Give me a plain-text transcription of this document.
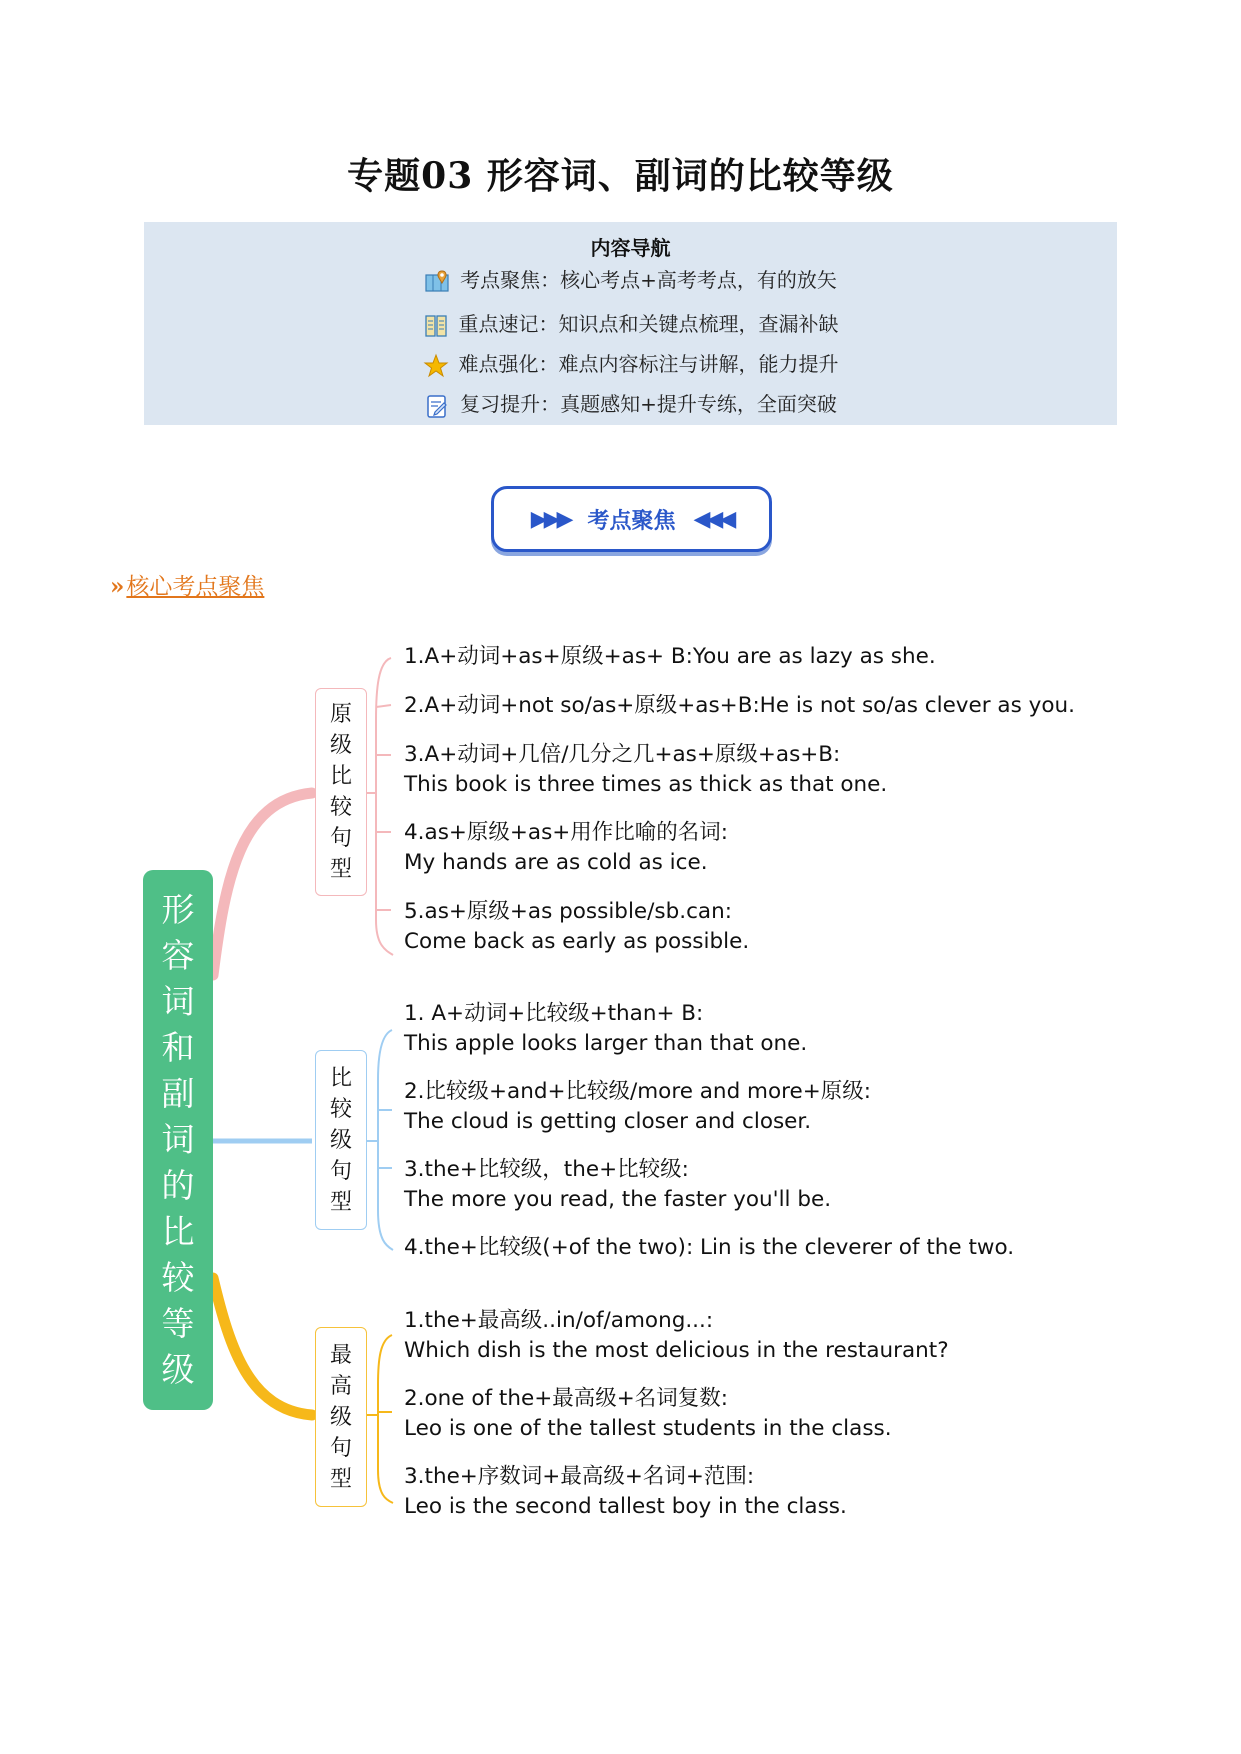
专题03 形容词、副词的比较等级
内容导航
考点聚焦：核心考点+高考考点，有的放矢
重点速记：知识点和关键点梳理，查漏补缺
难点强化：难点内容标注与讲解，能力提升
复习提升：真题感知+提升专练，全面突破
▶▶▶ 考点聚焦 ◀◀◀
»核心考点聚焦
形
容
词
和
副
词
的
比
较
等
级
原
级
比
较
句
型
比
较
级
句
型
最
高
级
句
型
1.A+动词+as+原级+as+ B:You are as lazy as she.
2.A+动词+not so/as+原级+as+B:He is not so/as clever as you.
3.A+动词+几倍/几分之几+as+原级+as+B:
This book is three times as thick as that one.
4.as+原级+as+用作比喻的名词:
My hands are as cold as ice.
5.as+原级+as possible/sb.can:
Come back as early as possible.
1. A+动词+比较级+than+ B:
This apple looks larger than that one.
2.比较级+and+比较级/more and more+原级:
The cloud is getting closer and closer.
3.the+比较级，the+比较级:
The more you read, the faster you'll be.
4.the+比较级(+of the two): Lin is the cleverer of the two.
1.the+最高级..in/of/among...:
Which dish is the most delicious in the restaurant?
2.one of the+最高级+名词复数:
Leo is one of the tallest students in the class.
3.the+序数词+最高级+名词+范围:
Leo is the second tallest boy in the class.
